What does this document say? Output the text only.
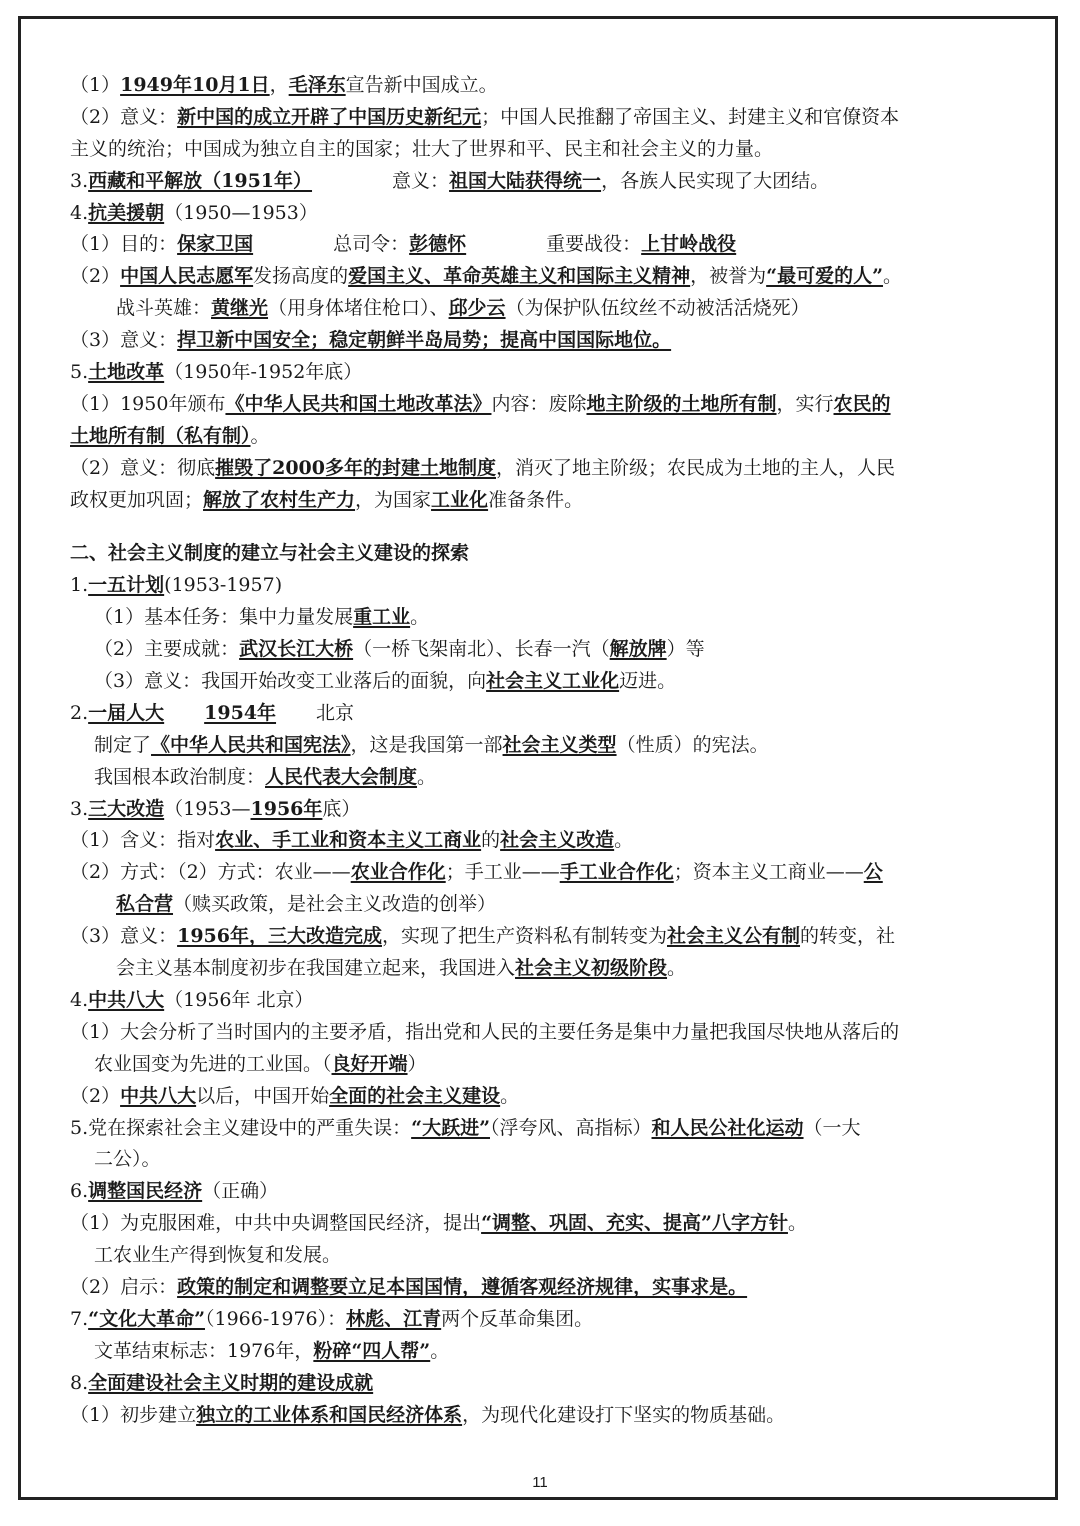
（1）1949年10月1日，毛泽东宣告新中国成立。
（2）意义：新中国的成立开辟了中国历史新纪元；中国人民推翻了帝国主义、封建主义和官僚资本
主义的统治；中国成为独立自主的国家；壮大了世界和平、民主和社会主义的力量。
3.西藏和平解放（1951年）	意义：祖国大陆获得统一，各族人民实现了大团结。
4.抗美援朝（1950—1953）
（1）目的：保家卫国	总司令：彭德怀	重要战役：上甘岭战役
（2）中国人民志愿军发扬高度的爱国主义、革命英雄主义和国际主义精神，被誉为“最可爱的人”。
战斗英雄：黄继光（用身体堵住枪口）、邱少云（为保护队伍纹丝不动被活活烧死）
（3）意义：捍卫新中国安全；稳定朝鲜半岛局势；提高中国国际地位。
5.土地改革（1950年-1952年底）
（1）1950年颁布《中华人民共和国土地改革法》内容：废除地主阶级的土地所有制，实行农民的
土地所有制（私有制）。
（2）意义：彻底摧毁了2000多年的封建土地制度，消灭了地主阶级；农民成为土地的主人，人民
政权更加巩固；解放了农村生产力，为国家工业化准备条件。
二、社会主义制度的建立与社会主义建设的探索
1.一五计划(1953-1957)
（1）基本任务：集中力量发展重工业。
（2）主要成就：武汉长江大桥（一桥飞架南北）、长春一汽（解放牌）等
（3）意义：我国开始改变工业落后的面貌，向社会主义工业化迈进。
2.一届人大 1954年 北京
制定了《中华人民共和国宪法》，这是我国第一部社会主义类型（性质）的宪法。
我国根本政治制度：人民代表大会制度。
3.三大改造（1953—1956年底）
（1）含义：指对农业、手工业和资本主义工商业的社会主义改造。
（2）方式：（2）方式：农业——农业合作化；手工业——手工业合作化；资本主义工商业——公
私合营（赎买政策，是社会主义改造的创举）
（3）意义：1956年，三大改造完成，实现了把生产资料私有制转变为社会主义公有制的转变，社
会主义基本制度初步在我国建立起来，我国进入社会主义初级阶段。
4.中共八大（1956年 北京）
（1）大会分析了当时国内的主要矛盾，指出党和人民的主要任务是集中力量把我国尽快地从落后的
农业国变为先进的工业国。（良好开端）
（2）中共八大以后，中国开始全面的社会主义建设。
5.党在探索社会主义建设中的严重失误：“大跃进”（浮夸风、高指标）和人民公社化运动（一大
二公）。
6.调整国民经济（正确）
（1）为克服困难，中共中央调整国民经济，提出“调整、巩固、充实、提高”八字方针。
工农业生产得到恢复和发展。
（2）启示：政策的制定和调整要立足本国国情，遵循客观经济规律，实事求是。
7.“文化大革命”（1966-1976）：林彪、江青两个反革命集团。
文革结束标志：1976年，粉碎“四人帮”。
8.全面建设社会主义时期的建设成就
（1）初步建立独立的工业体系和国民经济体系，为现代化建设打下坚实的物质基础。
11
